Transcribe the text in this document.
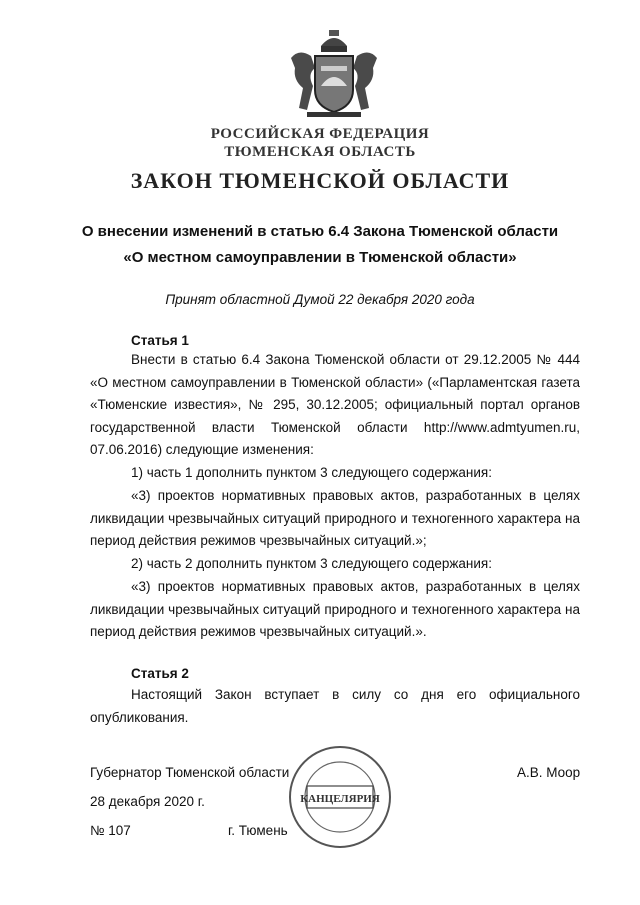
РОССИЙСКАЯ ФЕДЕРАЦИЯ
ТЮМЕНСКАЯ ОБЛАСТЬ
ЗАКОН ТЮМЕНСКОЙ ОБЛАСТИ
О внесении изменений в статью 6.4 Закона Тюменской области
«О местном самоуправлении в Тюменской области»
Принят областной Думой 22 декабря 2020 года
Статья 1
Внести в статью 6.4 Закона Тюменской области от 29.12.2005 № 444 «О местном самоуправлении в Тюменской области» («Парламентская газета «Тюменские известия», № 295, 30.12.2005; официальный портал органов государственной власти Тюменской области http://www.admtyumen.ru, 07.06.2016) следующие изменения:
1) часть 1 дополнить пунктом 3 следующего содержания:
«3) проектов нормативных правовых актов, разработанных в целях ликвидации чрезвычайных ситуаций природного и техногенного характера на период действия режимов чрезвычайных ситуаций.»;
2) часть 2 дополнить пунктом 3 следующего содержания:
«3) проектов нормативных правовых актов, разработанных в целях ликвидации чрезвычайных ситуаций природного и техногенного характера на период действия режимов чрезвычайных ситуаций.».
Статья 2
Настоящий Закон вступает в силу со дня его официального опубликования.
Губернатор Тюменской области	А.В. Моор
28 декабря 2020 г.
№ 107	г. Тюмень
КАНЦЕЛЯРИЯ
